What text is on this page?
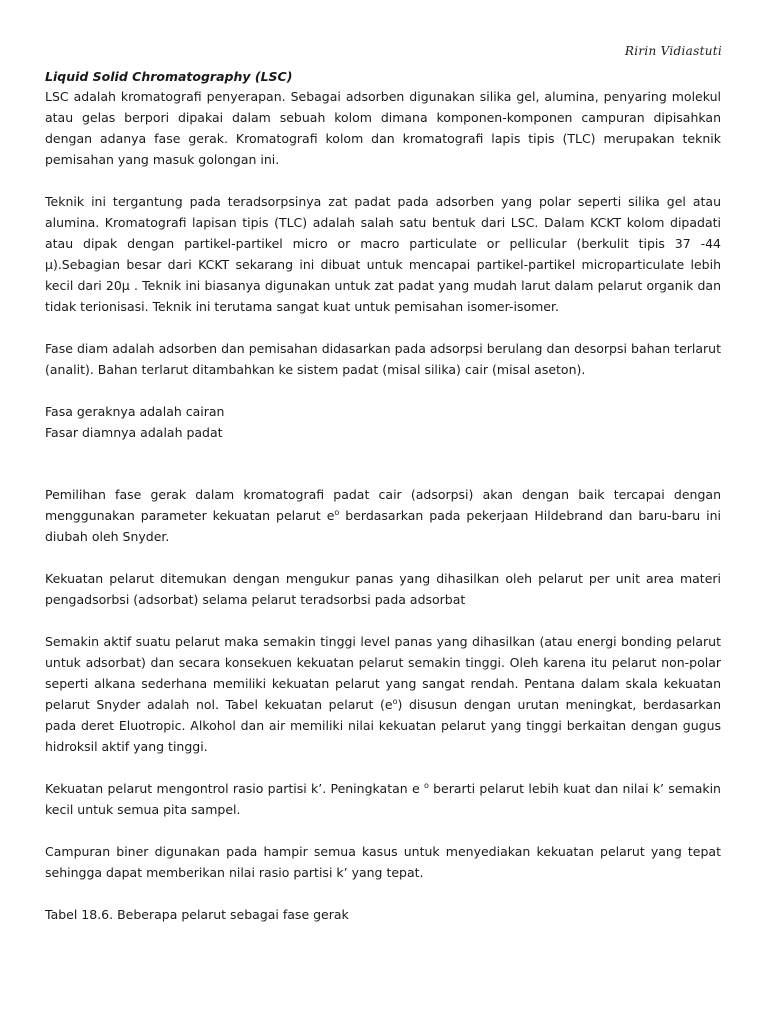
Ririn Vidiastuti
Liquid Solid Chromatography (LSC)

LSC adalah kromatografi penyerapan. Sebagai adsorben digunakan silika gel, alumina, penyaring molekul atau gelas berpori dipakai dalam sebuah kolom dimana komponen-komponen campuran dipisahkan dengan adanya fase gerak. Kromatografi kolom dan kromatografi lapis tipis (TLC) merupakan teknik pemisahan yang masuk golongan ini.

Teknik ini tergantung pada teradsorpsinya zat padat pada adsorben yang polar seperti silika gel atau alumina. Kromatografi lapisan tipis (TLC) adalah salah satu bentuk dari LSC. Dalam KCKT kolom dipadati atau dipak dengan partikel-partikel micro or macro particulate or pellicular (berkulit tipis 37 -44 μ).Sebagian besar dari KCKT sekarang ini dibuat untuk mencapai partikel-partikel microparticulate lebih kecil dari 20μ . Teknik ini biasanya digunakan untuk zat padat yang mudah larut dalam pelarut organik dan tidak terionisasi. Teknik ini terutama sangat kuat untuk pemisahan isomer-isomer.

Fase diam adalah adsorben dan pemisahan didasarkan pada adsorpsi berulang dan desorpsi bahan terlarut (analit). Bahan terlarut ditambahkan ke sistem padat (misal silika) cair (misal aseton).

Fasa geraknya adalah cairan
Fasar diamnya adalah padat

Pemilihan fase gerak dalam kromatografi padat cair (adsorpsi) akan dengan baik tercapai dengan menggunakan parameter kekuatan pelarut $e^o$ berdasarkan pada pekerjaan Hildebrand dan baru-baru ini diubah oleh Snyder.

Kekuatan pelarut ditemukan dengan mengukur panas yang dihasilkan oleh pelarut per unit area materi pengadsorbsi (adsorbat) selama pelarut teradsorbsi pada adsorbat

Semakin aktif suatu pelarut maka semakin tinggi level panas yang dihasilkan (atau energi bonding pelarut untuk adsorbat) dan secara konsekuen kekuatan pelarut semakin tinggi. Oleh karena itu pelarut non-polar seperti alkana sederhana memiliki kekuatan pelarut yang sangat rendah. Pentana dalam skala kekuatan pelarut Snyder adalah nol. Tabel kekuatan pelarut $(e^o)$ disusun dengan urutan meningkat, berdasarkan pada deret Eluotropic. Alkohol dan air memiliki nilai kekuatan pelarut yang tinggi berkaitan dengan gugus hidroksil aktif yang tinggi.

Kekuatan pelarut mengontrol rasio partisi k’. Peningkatan e $^o$ berarti pelarut lebih kuat dan nilai k’ semakin kecil untuk semua pita sampel.

Campuran biner digunakan pada hampir semua kasus untuk menyediakan kekuatan pelarut yang tepat sehingga dapat memberikan nilai rasio partisi k’ yang tepat.

Tabel 18.6. Beberapa pelarut sebagai fase gerak
